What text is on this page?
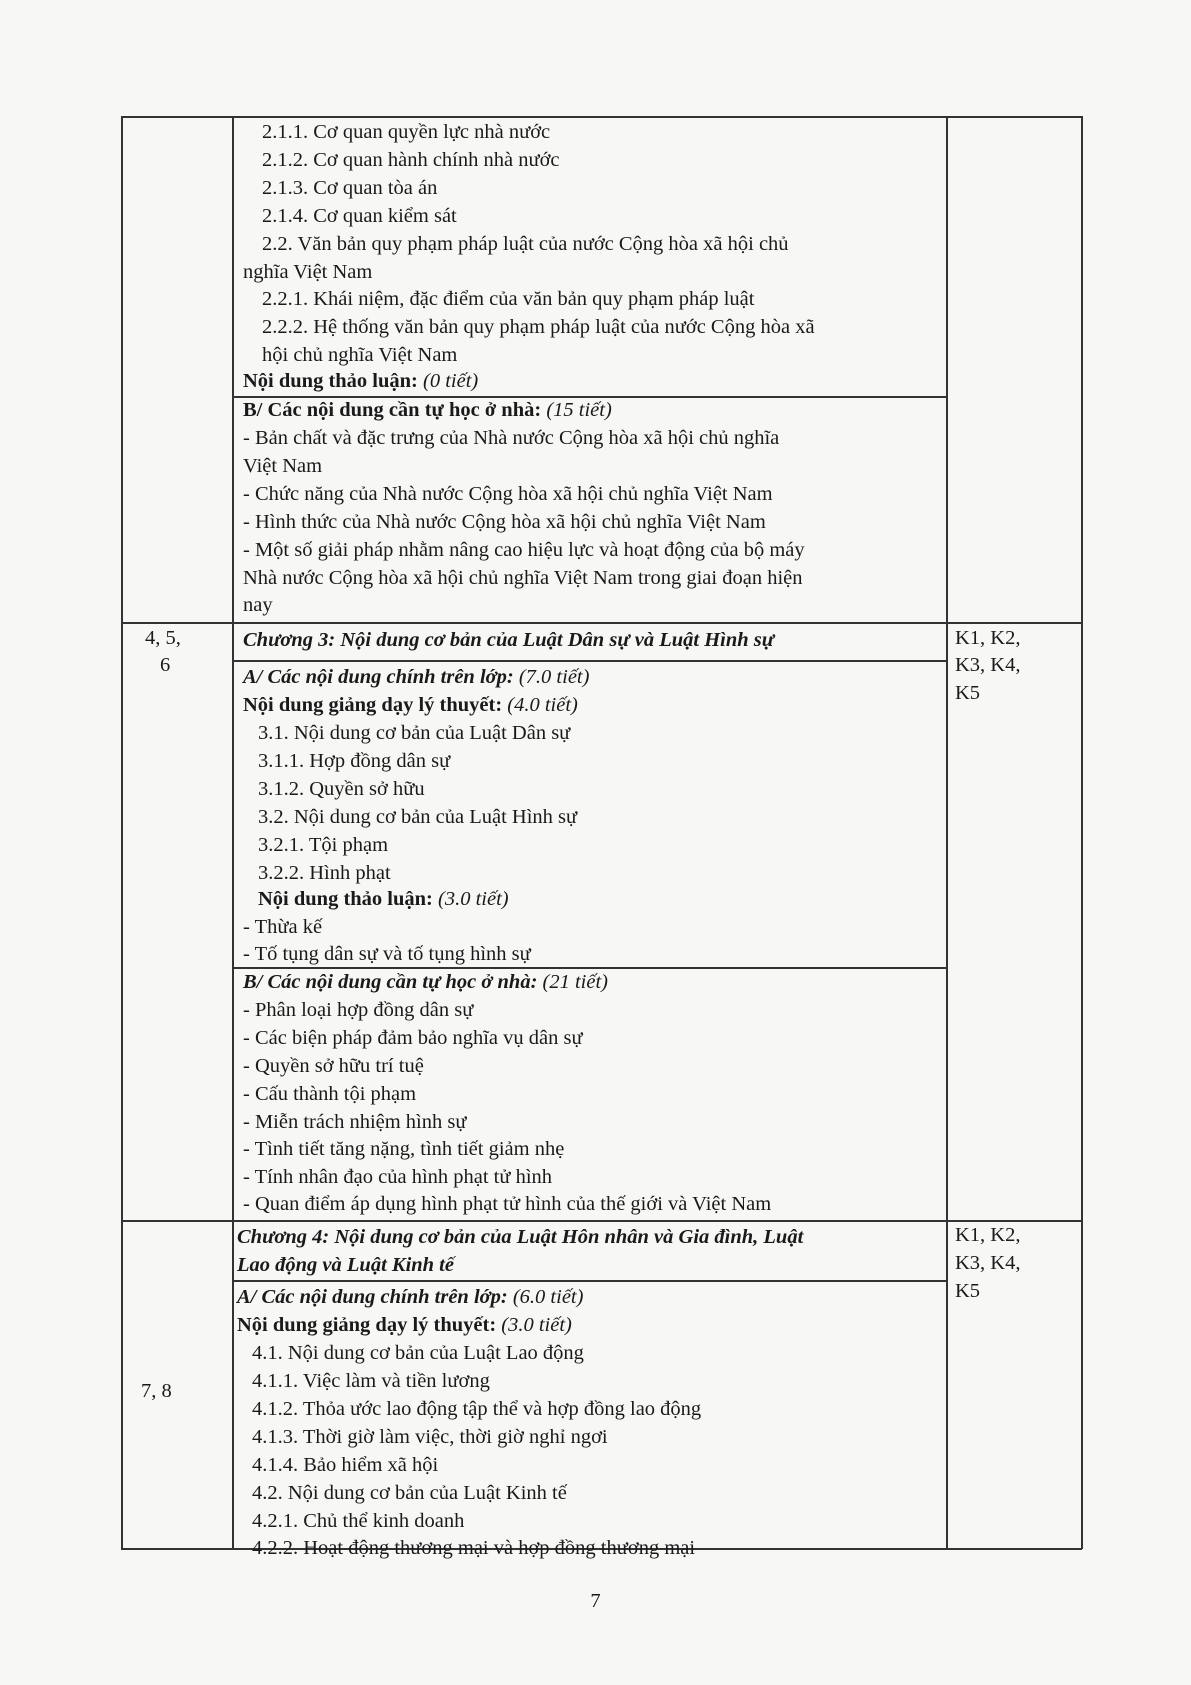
2.1.1. Cơ quan quyền lực nhà nước
2.1.2. Cơ quan hành chính nhà nước
2.1.3. Cơ quan tòa án
2.1.4. Cơ quan kiểm sát
2.2. Văn bản quy phạm pháp luật của nước Cộng hòa xã hội chủ
nghĩa Việt Nam
2.2.1. Khái niệm, đặc điểm của văn bản quy phạm pháp luật
2.2.2. Hệ thống văn bản quy phạm pháp luật của nước Cộng hòa xã
hội chủ nghĩa Việt Nam
Nội dung thảo luận: (0 tiết)
B/ Các nội dung cần tự học ở nhà: (15 tiết)
- Bản chất và đặc trưng của Nhà nước Cộng hòa xã hội chủ nghĩa
Việt Nam
- Chức năng của Nhà nước Cộng hòa xã hội chủ nghĩa Việt Nam
- Hình thức của Nhà nước Cộng hòa xã hội chủ nghĩa Việt Nam
- Một số giải pháp nhằm nâng cao hiệu lực và hoạt động của bộ máy
Nhà nước Cộng hòa xã hội chủ nghĩa Việt Nam trong giai đoạn hiện
nay
4, 5,
6
Chương 3: Nội dung cơ bản của Luật Dân sự và Luật Hình sự	K1, K2,
K3, K4,
K5
A/ Các nội dung chính trên lớp: (7.0 tiết)
Nội dung giảng dạy lý thuyết: (4.0 tiết)
3.1. Nội dung cơ bản của Luật Dân sự
3.1.1. Hợp đồng dân sự
3.1.2. Quyền sở hữu
3.2. Nội dung cơ bản của Luật Hình sự
3.2.1. Tội phạm
3.2.2. Hình phạt
Nội dung thảo luận: (3.0 tiết)
- Thừa kế
- Tố tụng dân sự và tố tụng hình sự
B/ Các nội dung cần tự học ở nhà: (21 tiết)
- Phân loại hợp đồng dân sự
- Các biện pháp đảm bảo nghĩa vụ dân sự
- Quyền sở hữu trí tuệ
- Cấu thành tội phạm
- Miễn trách nhiệm hình sự
- Tình tiết tăng nặng, tình tiết giảm nhẹ
- Tính nhân đạo của hình phạt tử hình
- Quan điểm áp dụng hình phạt tử hình của thế giới và Việt Nam
7, 8
Chương 4: Nội dung cơ bản của Luật Hôn nhân và Gia đình, Luật
Lao động và Luật Kinh tế
K1, K2,
K3, K4,
K5
A/ Các nội dung chính trên lớp: (6.0 tiết)
Nội dung giảng dạy lý thuyết: (3.0 tiết)
4.1. Nội dung cơ bản của Luật Lao động
4.1.1. Việc làm và tiền lương
4.1.2. Thỏa ước lao động tập thể và hợp đồng lao động
4.1.3. Thời giờ làm việc, thời giờ nghỉ ngơi
4.1.4. Bảo hiểm xã hội
4.2. Nội dung cơ bản của Luật Kinh tế
4.2.1. Chủ thể kinh doanh
4.2.2. Hoạt động thương mại và hợp đồng thương mại
7
